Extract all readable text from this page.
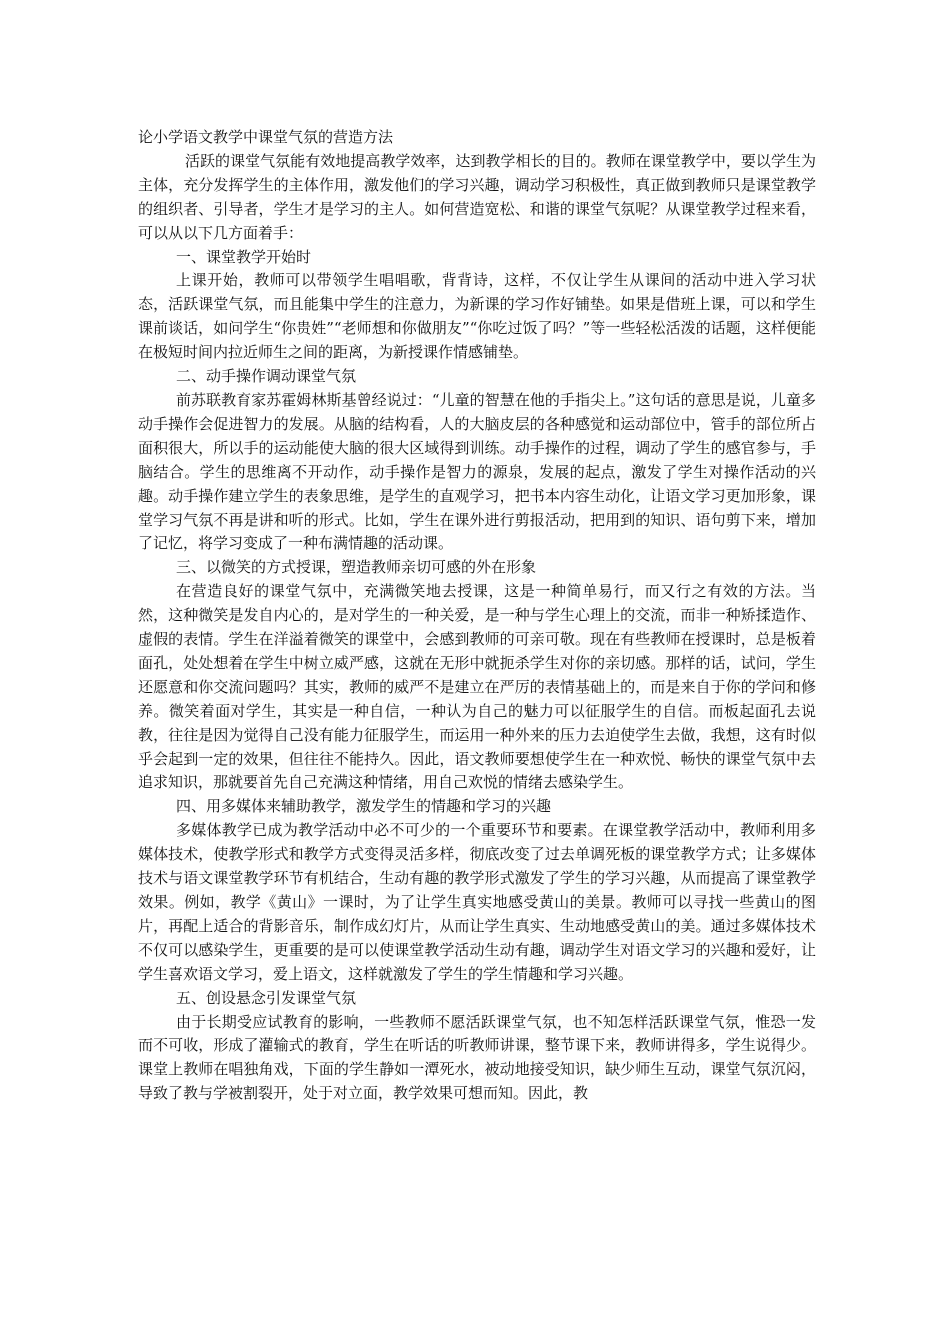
论小学语文教学中课堂气氛的营造方法

活跃的课堂气氛能有效地提高教学效率，达到教学相长的目的。教师在课堂教学中，要以学生为主体，充分发挥学生的主体作用，激发他们的学习兴趣，调动学习积极性，真正做到教师只是课堂教学的组织者、引导者，学生才是学习的主人。如何营造宽松、和谐的课堂气氛呢？从课堂教学过程来看，可以从以下几方面着手：

一、课堂教学开始时

上课开始，教师可以带领学生唱唱歌，背背诗，这样，不仅让学生从课间的活动中进入学习状态，活跃课堂气氛，而且能集中学生的注意力，为新课的学习作好铺垫。如果是借班上课，可以和学生课前谈话，如问学生“你贵姓”“老师想和你做朋友”“你吃过饭了吗？”等一些轻松活泼的话题，这样便能在极短时间内拉近师生之间的距离，为新授课作情感铺垫。

二、动手操作调动课堂气氛

前苏联教育家苏霍姆林斯基曾经说过：“儿童的智慧在他的手指尖上。”这句话的意思是说，儿童多动手操作会促进智力的发展。从脑的结构看，人的大脑皮层的各种感觉和运动部位中，管手的部位所占面积很大，所以手的运动能使大脑的很大区域得到训练。动手操作的过程，调动了学生的感官参与，手脑结合。学生的思维离不开动作，动手操作是智力的源泉，发展的起点，激发了学生对操作活动的兴趣。动手操作建立学生的表象思维，是学生的直观学习，把书本内容生动化，让语文学习更加形象，课堂学习气氛不再是讲和听的形式。比如，学生在课外进行剪报活动，把用到的知识、语句剪下来，增加了记忆，将学习变成了一种布满情趣的活动课。

三、以微笑的方式授课，塑造教师亲切可感的外在形象

在营造良好的课堂气氛中，充满微笑地去授课，这是一种简单易行，而又行之有效的方法。当然，这种微笑是发自内心的，是对学生的一种关爱，是一种与学生心理上的交流，而非一种矫揉造作、虚假的表情。学生在洋溢着微笑的课堂中，会感到教师的可亲可敬。现在有些教师在授课时，总是板着面孔，处处想着在学生中树立威严感，这就在无形中就扼杀学生对你的亲切感。那样的话，试问，学生还愿意和你交流问题吗？其实，教师的威严不是建立在严厉的表情基础上的，而是来自于你的学问和修养。微笑着面对学生，其实是一种自信，一种认为自己的魅力可以征服学生的自信。而板起面孔去说教，往往是因为觉得自己没有能力征服学生，而运用一种外来的压力去迫使学生去做，我想，这有时似乎会起到一定的效果，但往往不能持久。因此，语文教师要想使学生在一种欢悦、畅快的课堂气氛中去追求知识，那就要首先自己充满这种情绪，用自己欢悦的情绪去感染学生。

四、用多媒体来辅助教学，激发学生的情趣和学习的兴趣

多媒体教学已成为教学活动中必不可少的一个重要环节和要素。在课堂教学活动中，教师利用多媒体技术，使教学形式和教学方式变得灵活多样，彻底改变了过去单调死板的课堂教学方式；让多媒体技术与语文课堂教学环节有机结合，生动有趣的教学形式激发了学生的学习兴趣，从而提高了课堂教学效果。例如，教学《黄山》一课时，为了让学生真实地感受黄山的美景。教师可以寻找一些黄山的图片，再配上适合的背影音乐，制作成幻灯片，从而让学生真实、生动地感受黄山的美。通过多媒体技术不仅可以感染学生，更重要的是可以使课堂教学活动生动有趣，调动学生对语文学习的兴趣和爱好，让学生喜欢语文学习，爱上语文，这样就激发了学生的学生情趣和学习兴趣。

五、创设悬念引发课堂气氛

由于长期受应试教育的影响，一些教师不愿活跃课堂气氛，也不知怎样活跃课堂气氛，惟恐一发而不可收，形成了灌输式的教育，学生在听话的听教师讲课，整节课下来，教师讲得多，学生说得少。课堂上教师在唱独角戏，下面的学生静如一潭死水，被动地接受知识，缺少师生互动，课堂气氛沉闷，导致了教与学被割裂开，处于对立面，教学效果可想而知。因此，教
